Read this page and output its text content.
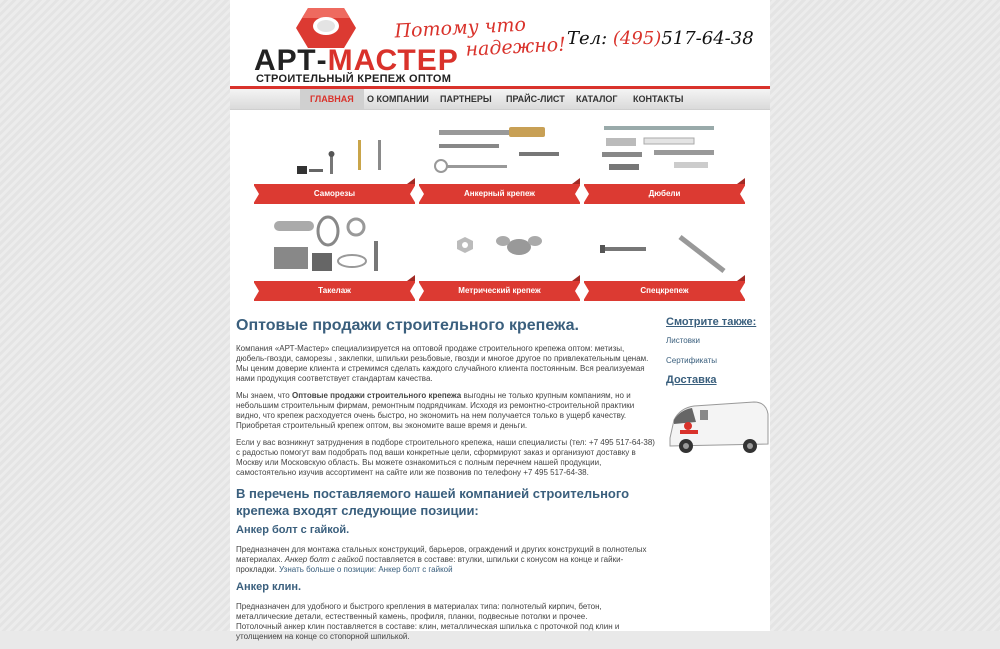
АРТ-МАСТЕР
СТРОИТЕЛЬНЫЙ КРЕПЕЖ ОПТОМ
Потому что
надежно! Тел: (495)517-64-38
ГЛАВНАЯ	О КОМПАНИИ ПАРТНЕРЫ ПРАЙС-ЛИСТ КАТАЛОГ КОНТАКТЫ
Саморезы	Анкерный крепеж	Дюбели
Такелаж	Метрический крепеж	Спецкрепеж
Оптовые продажи строительного крепежа.

Компания «АРТ-Мастер» специализируется на оптовой продаже строительного крепежа оптом: метизы, дюбель-гвозди, саморезы , заклепки, шпильки резьбовые, гвозди и многое другое по привлекательным ценам. Мы ценим доверие клиента и стремимся сделать каждого случайного клиента постоянным. Вся реализуемая нами продукция соответствует стандартам качества.

Мы знаем, что Оптовые продажи строительного крепежа выгодны не только крупным компаниям, но и небольшим строительным фирмам, ремонтным подрядчикам. Исходя из ремонтно-строительной практики видно, что крепеж расходуется очень быстро, но экономить на нем получается только в ущерб качеству. Приобретая строительный крепеж оптом, вы экономите ваше время и деньги.

Если у вас возникнут затруднения в подборе строительного крепежа, наши специалисты (тел: +7 495 517-64-38) с радостью помогут вам подобрать под ваши конкретные цели, сформируют заказ и организуют доставку в Москву или Московскую область. Вы можете ознакомиться с полным перечнем нашей продукции, самостоятельно изучив ассортимент на сайте или же позвонив по телефону +7 495 517-64-38.

В перечень поставляемого нашей компанией строительного крепежа входят следующие позиции:
Анкер болт с гайкой.

Предназначен для монтажа стальных конструкций, барьеров, ограждений и других конструкций в полнотелых материалах. Анкер болт с гайкой поставляется в составе: втулки, шпильки с конусом на конце и гайки-прокладки. Узнать больше о позиции: Анкер болт с гайкой

Анкер клин.

Предназначен для удобного и быстрого крепления в материалах типа: полнотелый кирпич, бетон, металлические детали, естественный камень, профиля, планки, подвесные потолки и прочее.

Потолочный анкер клин поставляется в составе: клин, металлическая шпилька с проточкой под клин и утолщением на конце со стопорной шпилькой.

Смотрите также:
Листовки
Сертификаты
Доставка
